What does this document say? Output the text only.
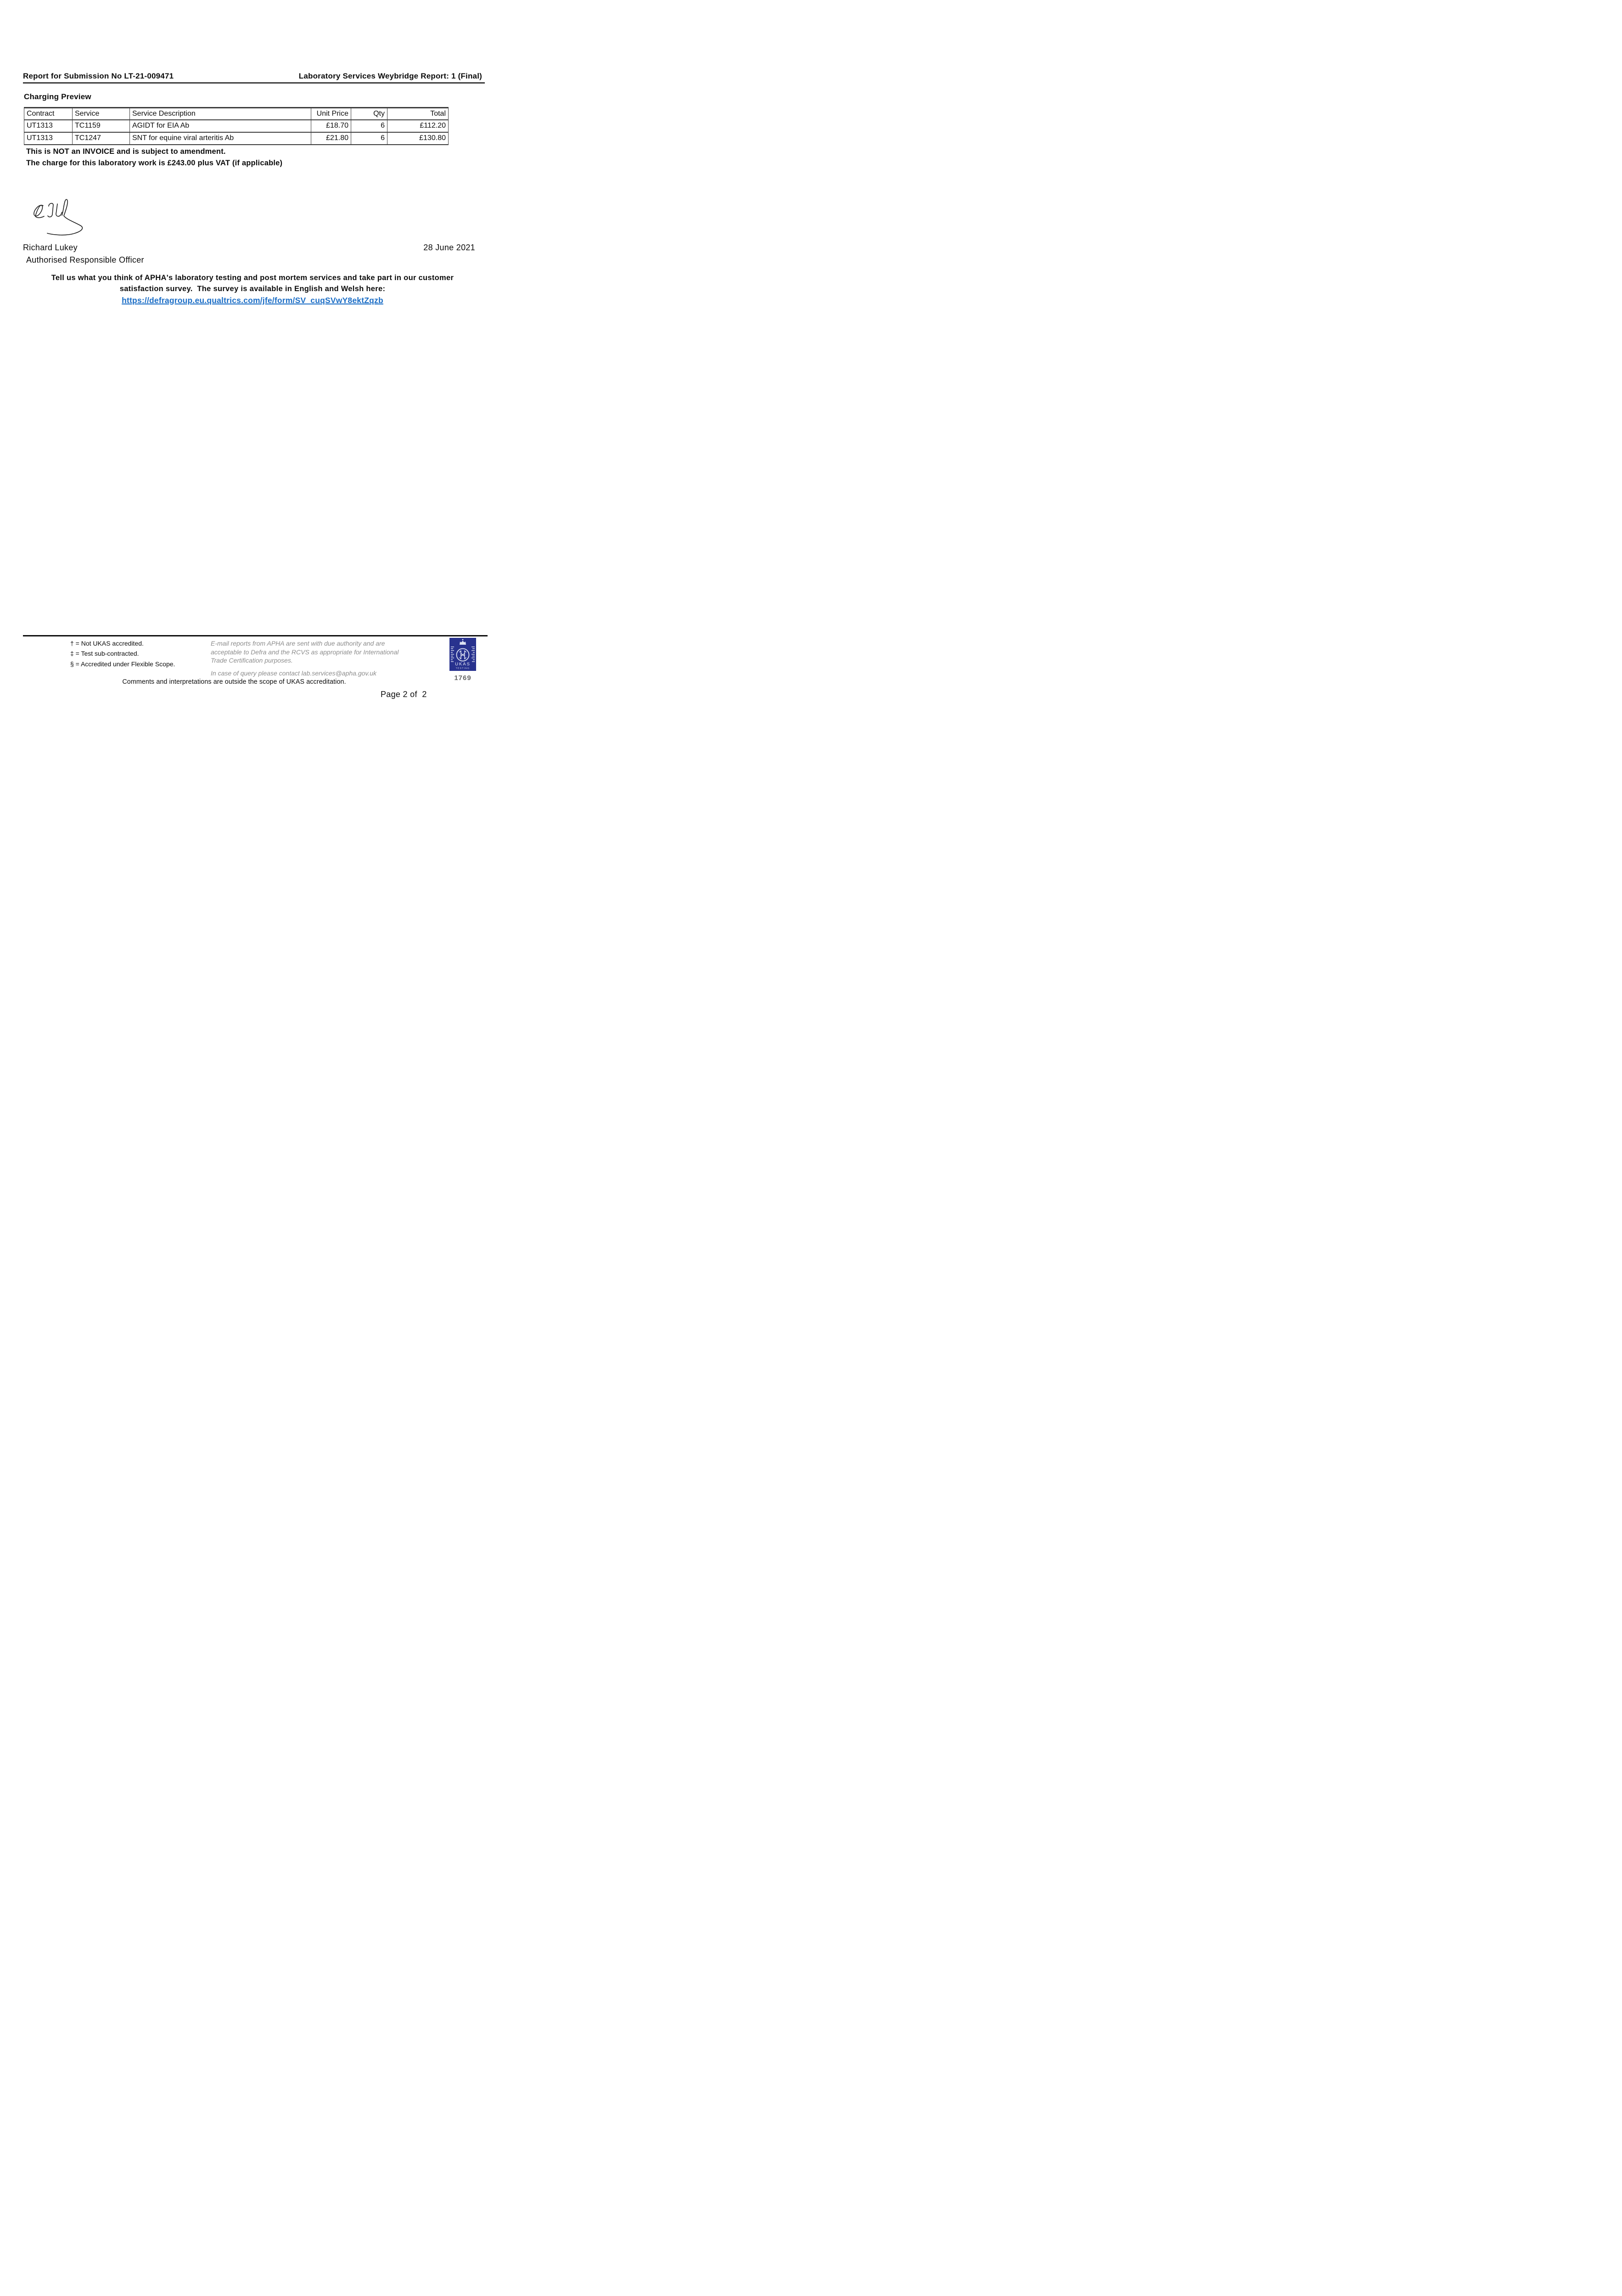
Report for Submission No LT-21-009471	Laboratory Services Weybridge Report: 1 (Final)
Charging Preview
Contract	Service	Service Description	Unit Price	Qty	Total
UT1313	TC1159	AGIDT for EIA Ab	£18.70	6	£112.20
UT1313	TC1247	SNT for equine viral arteritis Ab	£21.80	6	£130.80
This is NOT an INVOICE and is subject to amendment.
The charge for this laboratory work is £243.00 plus VAT (if applicable)
Richard Lukey	28 June 2021
Authorised Responsible Officer
Tell us what you think of APHA's laboratory testing and post mortem services and take part in our customer
satisfaction survey.  The survey is available in English and Welsh here:
https://defragroup.eu.qualtrics.com/jfe/form/SV_cuqSVwY8ektZqzb
† = Not UKAS accredited.
‡ = Test sub-contracted.
§ = Accredited under Flexible Scope.
E-mail reports from APHA are sent with due authority and are
acceptable to Defra and the RCVS as appropriate for International
Trade Certification purposes.
In case of query please contact lab.services@apha.gov.uk
UKAS
TESTING
1769
Comments and interpretations are outside the scope of UKAS accreditation.
Page 2 of  2
